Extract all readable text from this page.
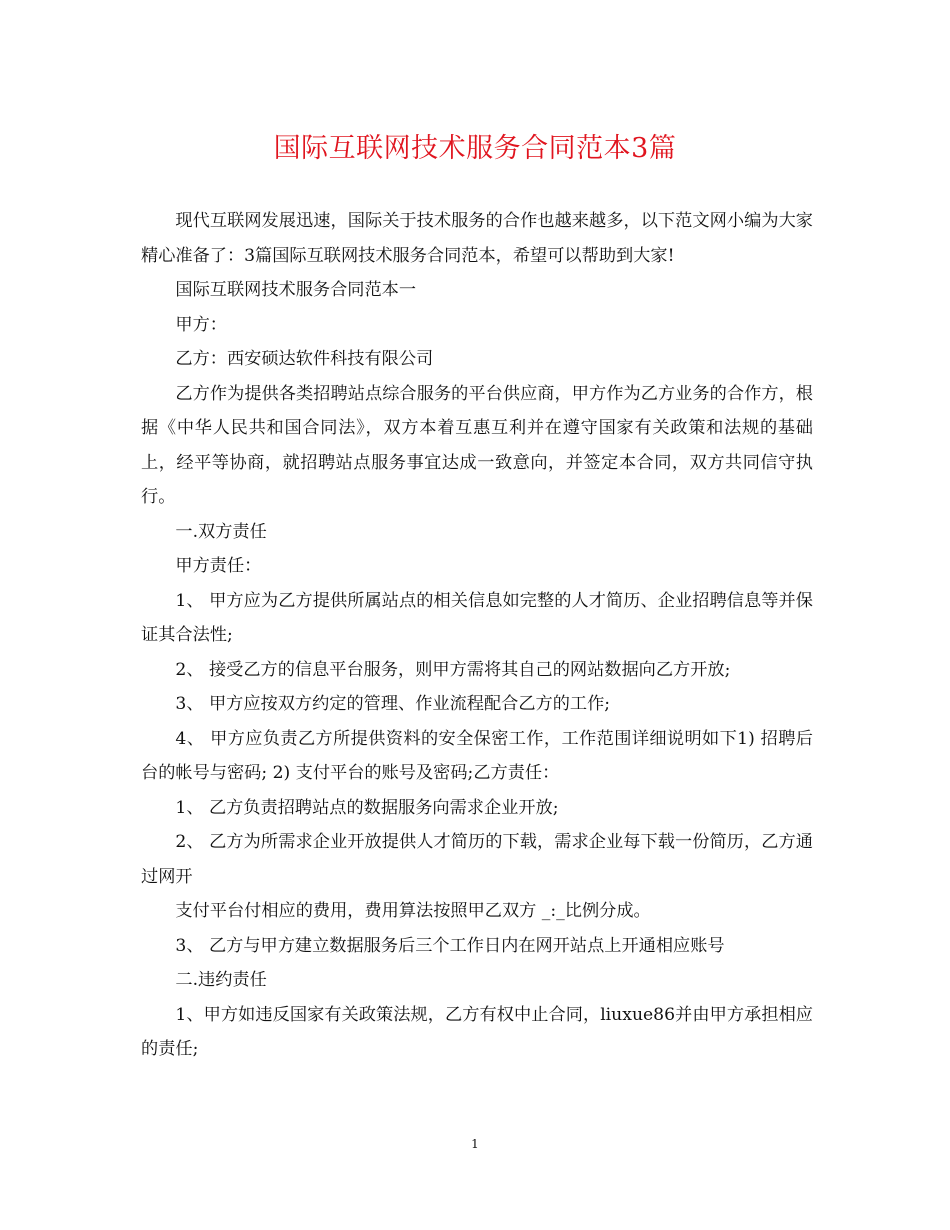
国际互联网技术服务合同范本3篇

现代互联网发展迅速，国际关于技术服务的合作也越来越多，以下范文网小编为大家精心准备了：3篇国际互联网技术服务合同范本，希望可以帮助到大家!

国际互联网技术服务合同范本一

甲方：

乙方：西安硕达软件科技有限公司

乙方作为提供各类招聘站点综合服务的平台供应商，甲方作为乙方业务的合作方，根据《中华人民共和国合同法》，双方本着互惠互利并在遵守国家有关政策和法规的基础上，经平等协商，就招聘站点服务事宜达成一致意向，并签定本合同，双方共同信守执行。

一.双方责任

甲方责任：

1、 甲方应为乙方提供所属站点的相关信息如完整的人才简历、企业招聘信息等并保证其合法性;

2、 接受乙方的信息平台服务，则甲方需将其自己的网站数据向乙方开放;

3、 甲方应按双方约定的管理、作业流程配合乙方的工作;

4、 甲方应负责乙方所提供资料的安全保密工作，工作范围详细说明如下1) 招聘后台的帐号与密码; 2) 支付平台的账号及密码;乙方责任：

1、 乙方负责招聘站点的数据服务向需求企业开放;

2、 乙方为所需求企业开放提供人才简历的下载，需求企业每下载一份简历，乙方通过网开

支付平台付相应的费用，费用算法按照甲乙双方 _:_比例分成。

3、 乙方与甲方建立数据服务后三个工作日内在网开站点上开通相应账号

二.违约责任

1、甲方如违反国家有关政策法规，乙方有权中止合同，liuxue86并由甲方承担相应的责任;

1
